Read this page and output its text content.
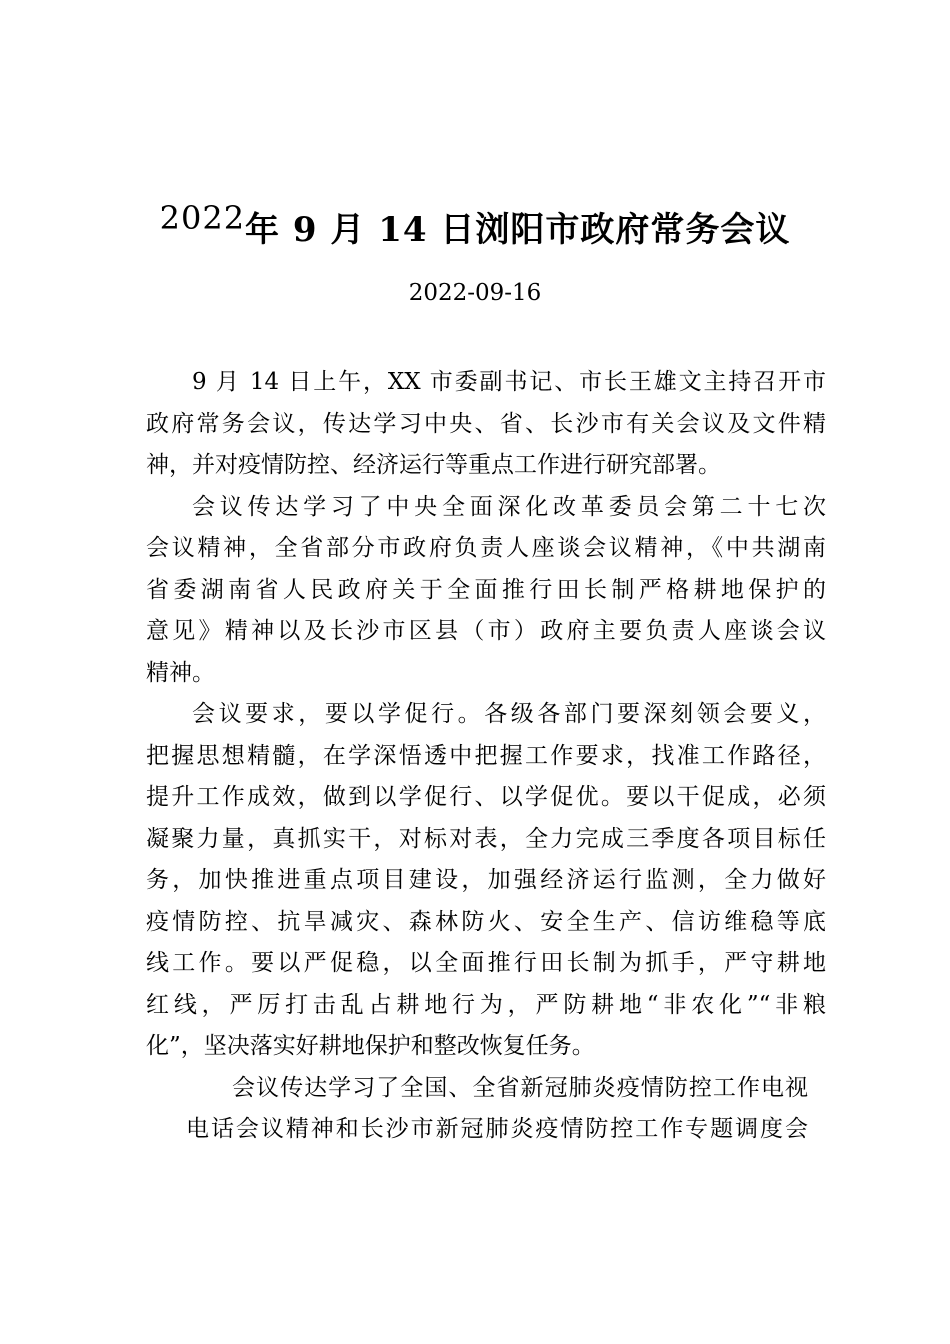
2022年 9 月 14 日浏阳市政府常务会议
2022-09-16
9 月 14 日上午，XX 市委副书记、市长王雄文主持召开市
政府常务会议，传达学习中央、省、长沙市有关会议及文件精
神，并对疫情防控、经济运行等重点工作进行研究部署。
会议传达学习了中央全面深化改革委员会第二十七次
会议精神，全省部分市政府负责人座谈会议精神，《中共湖南
省委湖南省人民政府关于全面推行田长制严格耕地保护的
意见》精神以及长沙市区县（市）政府主要负责人座谈会议
精神。
会议要求，要以学促行。各级各部门要深刻领会要义，
把握思想精髓，在学深悟透中把握工作要求，找准工作路径，
提升工作成效，做到以学促行、以学促优。要以干促成，必须
凝聚力量，真抓实干，对标对表，全力完成三季度各项目标任
务，加快推进重点项目建设，加强经济运行监测，全力做好
疫情防控、抗旱减灾、森林防火、安全生产、信访维稳等底
线工作。要以严促稳，以全面推行田长制为抓手，严守耕地
红线，严厉打击乱占耕地行为，严防耕地“非农化”“非粮
化”，坚决落实好耕地保护和整改恢复任务。
会议传达学习了全国、全省新冠肺炎疫情防控工作电视
电话会议精神和长沙市新冠肺炎疫情防控工作专题调度会
